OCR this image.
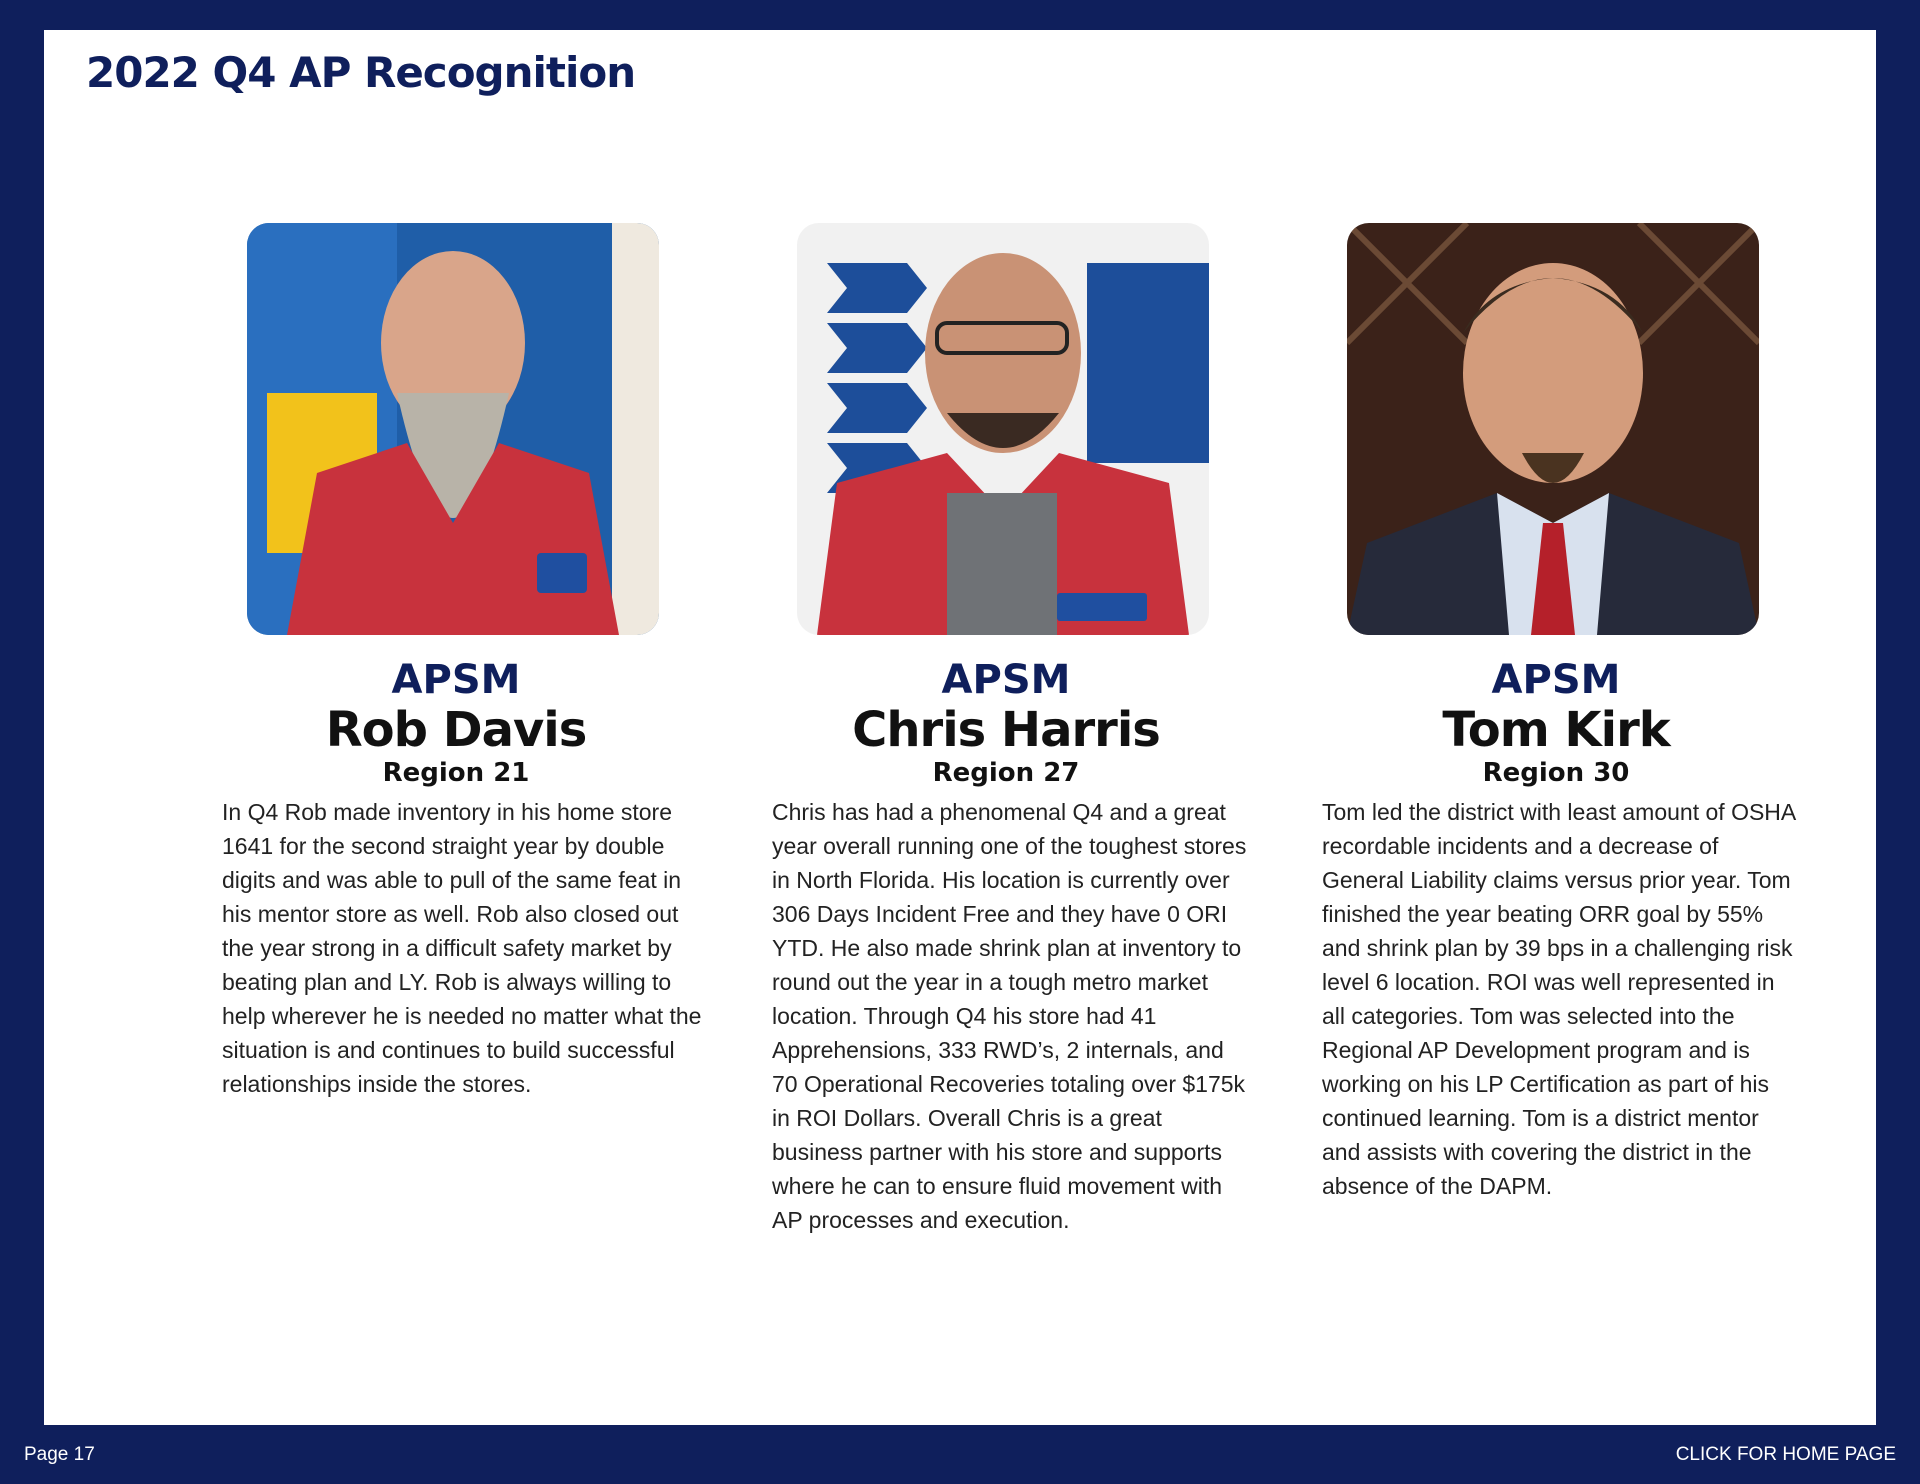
2022 Q4 AP Recognition
APSM
Rob Davis
Region 21
In Q4 Rob made inventory in his home store 1641 for the second straight year by double digits and was able to pull of the same feat in his mentor store as well. Rob also closed out the year strong in a difficult safety market by beating plan and LY. Rob is always willing to help wherever he is needed no matter what the situation is and continues to build successful relationships inside the stores.
APSM
Chris Harris
Region 27
Chris has had a phenomenal Q4 and a great year overall running one of the toughest stores in North Florida. His location is currently over 306 Days Incident Free and they have 0 ORI YTD. He also made shrink plan at inventory to round out the year in a tough metro market location. Through Q4 his store had 41 Apprehensions, 333 RWD’s, 2 internals, and 70 Operational Recoveries totaling over $175k in ROI Dollars. Overall Chris is a great business partner with his store and supports where he can to ensure fluid movement with AP processes and execution.
APSM
Tom Kirk
Region 30
Tom led the district with least amount of OSHA recordable incidents and a decrease of General Liability claims versus prior year. Tom finished the year beating ORR goal by 55% and shrink plan by 39 bps in a challenging risk level 6 location. ROI was well represented in all categories. Tom was selected into the Regional AP Development program and is working on his LP Certification as part of his continued learning. Tom is a district mentor and assists with covering the district in the absence of the DAPM.
Page 17	CLICK FOR HOME PAGE
